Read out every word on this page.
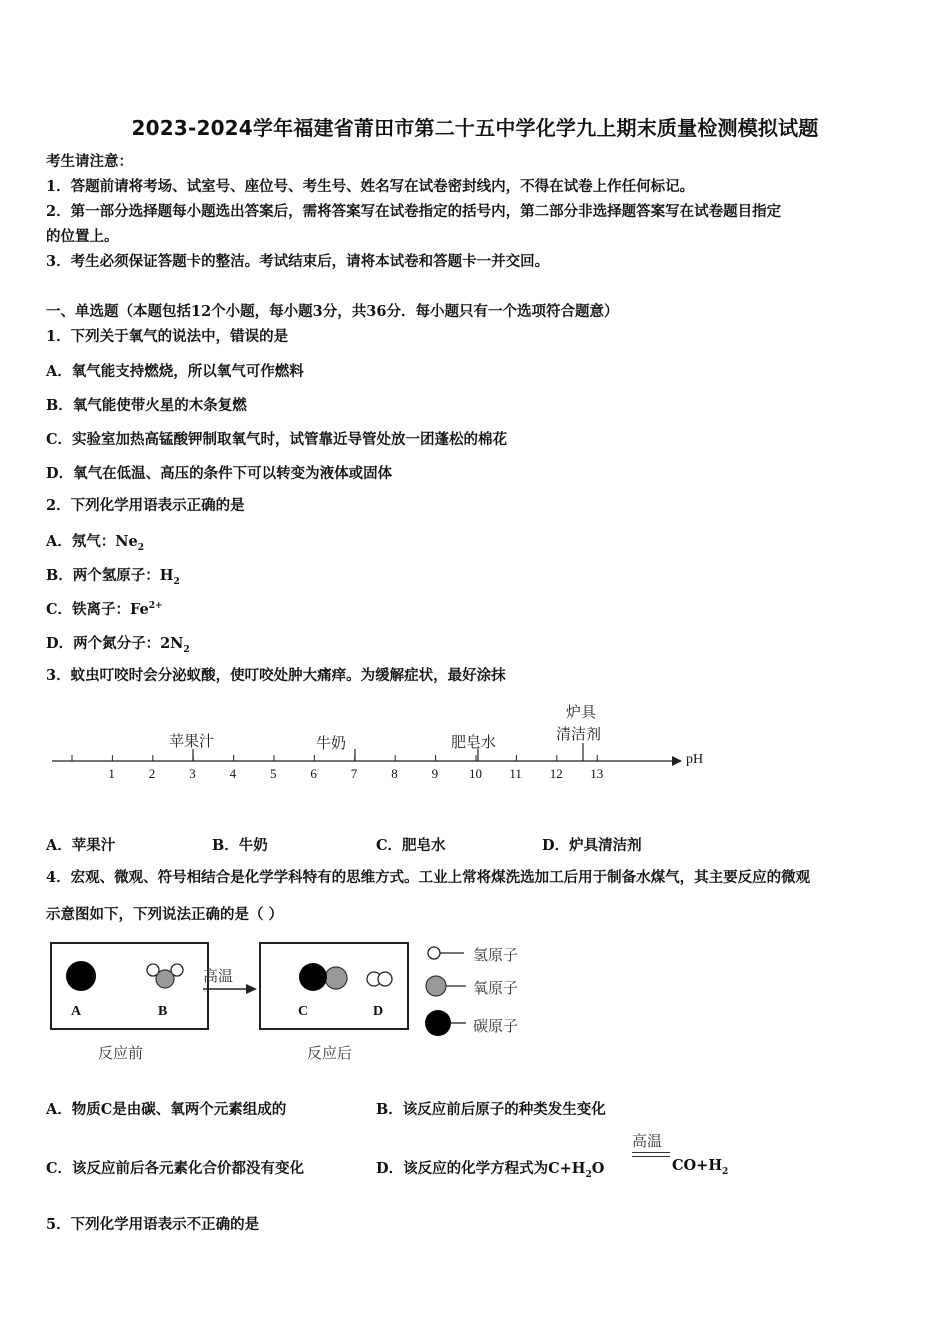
2023-2024学年福建省莆田市第二十五中学化学九上期末质量检测模拟试题
考生请注意：
1．答题前请将考场、试室号、座位号、考生号、姓名写在试卷密封线内，不得在试卷上作任何标记。
2．第一部分选择题每小题选出答案后，需将答案写在试卷指定的括号内，第二部分非选择题答案写在试卷题目指定
的位置上。
3．考生必须保证答题卡的整洁。考试结束后，请将本试卷和答题卡一并交回。
一、单选题（本题包括12个小题，每小题3分，共36分．每小题只有一个选项符合题意）
1．下列关于氧气的说法中，错误的是
A．氧气能支持燃烧，所以氧气可作燃料
B．氧气能使带火星的木条复燃
C．实验室加热高锰酸钾制取氧气时，试管靠近导管处放一团蓬松的棉花
D．氧气在低温、高压的条件下可以转变为液体或固体
2．下列化学用语表示正确的是
A．氖气：$Ne_2$
B．两个氢原子：$H_2$
C．铁离子：$Fe^{2+}$
D．两个氮分子：$2N_2$
3．蚊虫叮咬时会分泌蚁酸，使叮咬处肿大痛痒。为缓解症状，最好涂抹
1	2	3	4	5	6	7	8	9 10 11 12 13
苹果汁	牛奶	肥皂水
炉具
清洁剂
pH
A．苹果汁	B．牛奶	C．肥皂水	D．炉具清洁剂
4．宏观、微观、符号相结合是化学学科特有的思维方式。工业上常将煤洗选加工后用于制备水煤气，其主要反应的微观
示意图如下，下列说法正确的是（ ）
A	B	C	D
高温
反应前	反应后
氢原子
氧原子
碳原子
A．物质C是由碳、氧两个元素组成的	B．该反应前后原子的种类发生变化
C．该反应前后各元素化合价都没有变化	D．该反应的化学方程式为$C+H_2O$
高温
$CO+H_2$
5．下列化学用语表示不正确的是
